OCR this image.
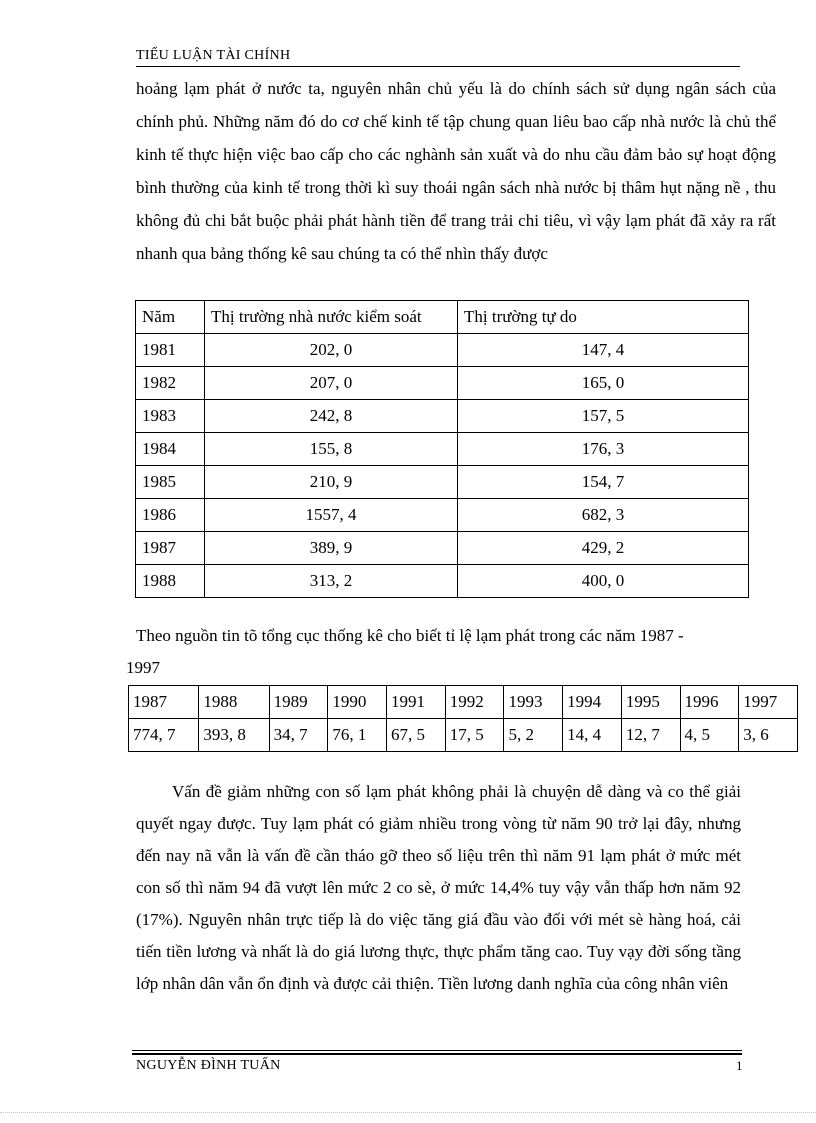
TIỂU LUẬN TÀI CHÍNH
hoảng lạm phát ở nước ta, nguyên nhân chủ yếu là do chính sách sử dụng ngân sách của chính phủ. Những năm đó do cơ chế kinh tế tập chung quan liêu bao cấp nhà nước là chủ thể kinh tế thực hiện việc bao cấp cho các nghành sản xuất và do nhu cầu đảm bảo sự hoạt động bình thường của kinh tế trong thời kì suy thoái ngân sách nhà nước bị thâm hụt nặng nề , thu không đủ chi bắt buộc phải phát hành tiền để trang trải chi tiêu, vì vậy lạm phát đã xảy ra rất nhanh qua bảng thống kê sau chúng ta có thể nhìn thấy được
Năm	Thị trường nhà nước kiểm soát	Thị trường tự do
1981	202, 0	147, 4
1982	207, 0	165, 0
1983	242, 8	157, 5
1984	155, 8	176, 3
1985	210, 9	154, 7
1986	1557, 4	682, 3
1987	389, 9	429, 2
1988	313, 2	400, 0
Theo nguồn tin tõ tổng cục thống kê cho biết tỉ lệ lạm phát trong các năm 1987 -
1997
1987	1988	1989	1990	1991	1992	1993	1994	1995	1996	1997
774, 7	393, 8	34, 7	76, 1	67, 5	17, 5	5, 2	14, 4	12, 7	4, 5	3, 6
Vấn đề giảm những con số lạm phát không phải là chuyện dễ dàng và co thể giải quyết ngay được. Tuy lạm phát có giảm nhiều trong vòng từ năm 90 trở lại đây, nhưng đến nay nã vẫn là vấn đề cần tháo gỡ theo số liệu trên thì năm 91 lạm phát ở mức mét con số thì năm 94 đã vượt lên mức 2 co sè, ở mức 14,4% tuy vậy vẫn thấp hơn năm 92 (17%). Nguyên nhân trực tiếp là do việc tăng giá đầu vào đối với mét sè hàng hoá, cải tiến tiền lương và nhất là do giá lương thực, thực phẩm tăng cao. Tuy vạy đời sống tầng lớp nhân dân vẫn ổn định và được cải thiện. Tiền lương danh nghĩa của công nhân viên
NGUYỄN ĐÌNH TUẤN	1
